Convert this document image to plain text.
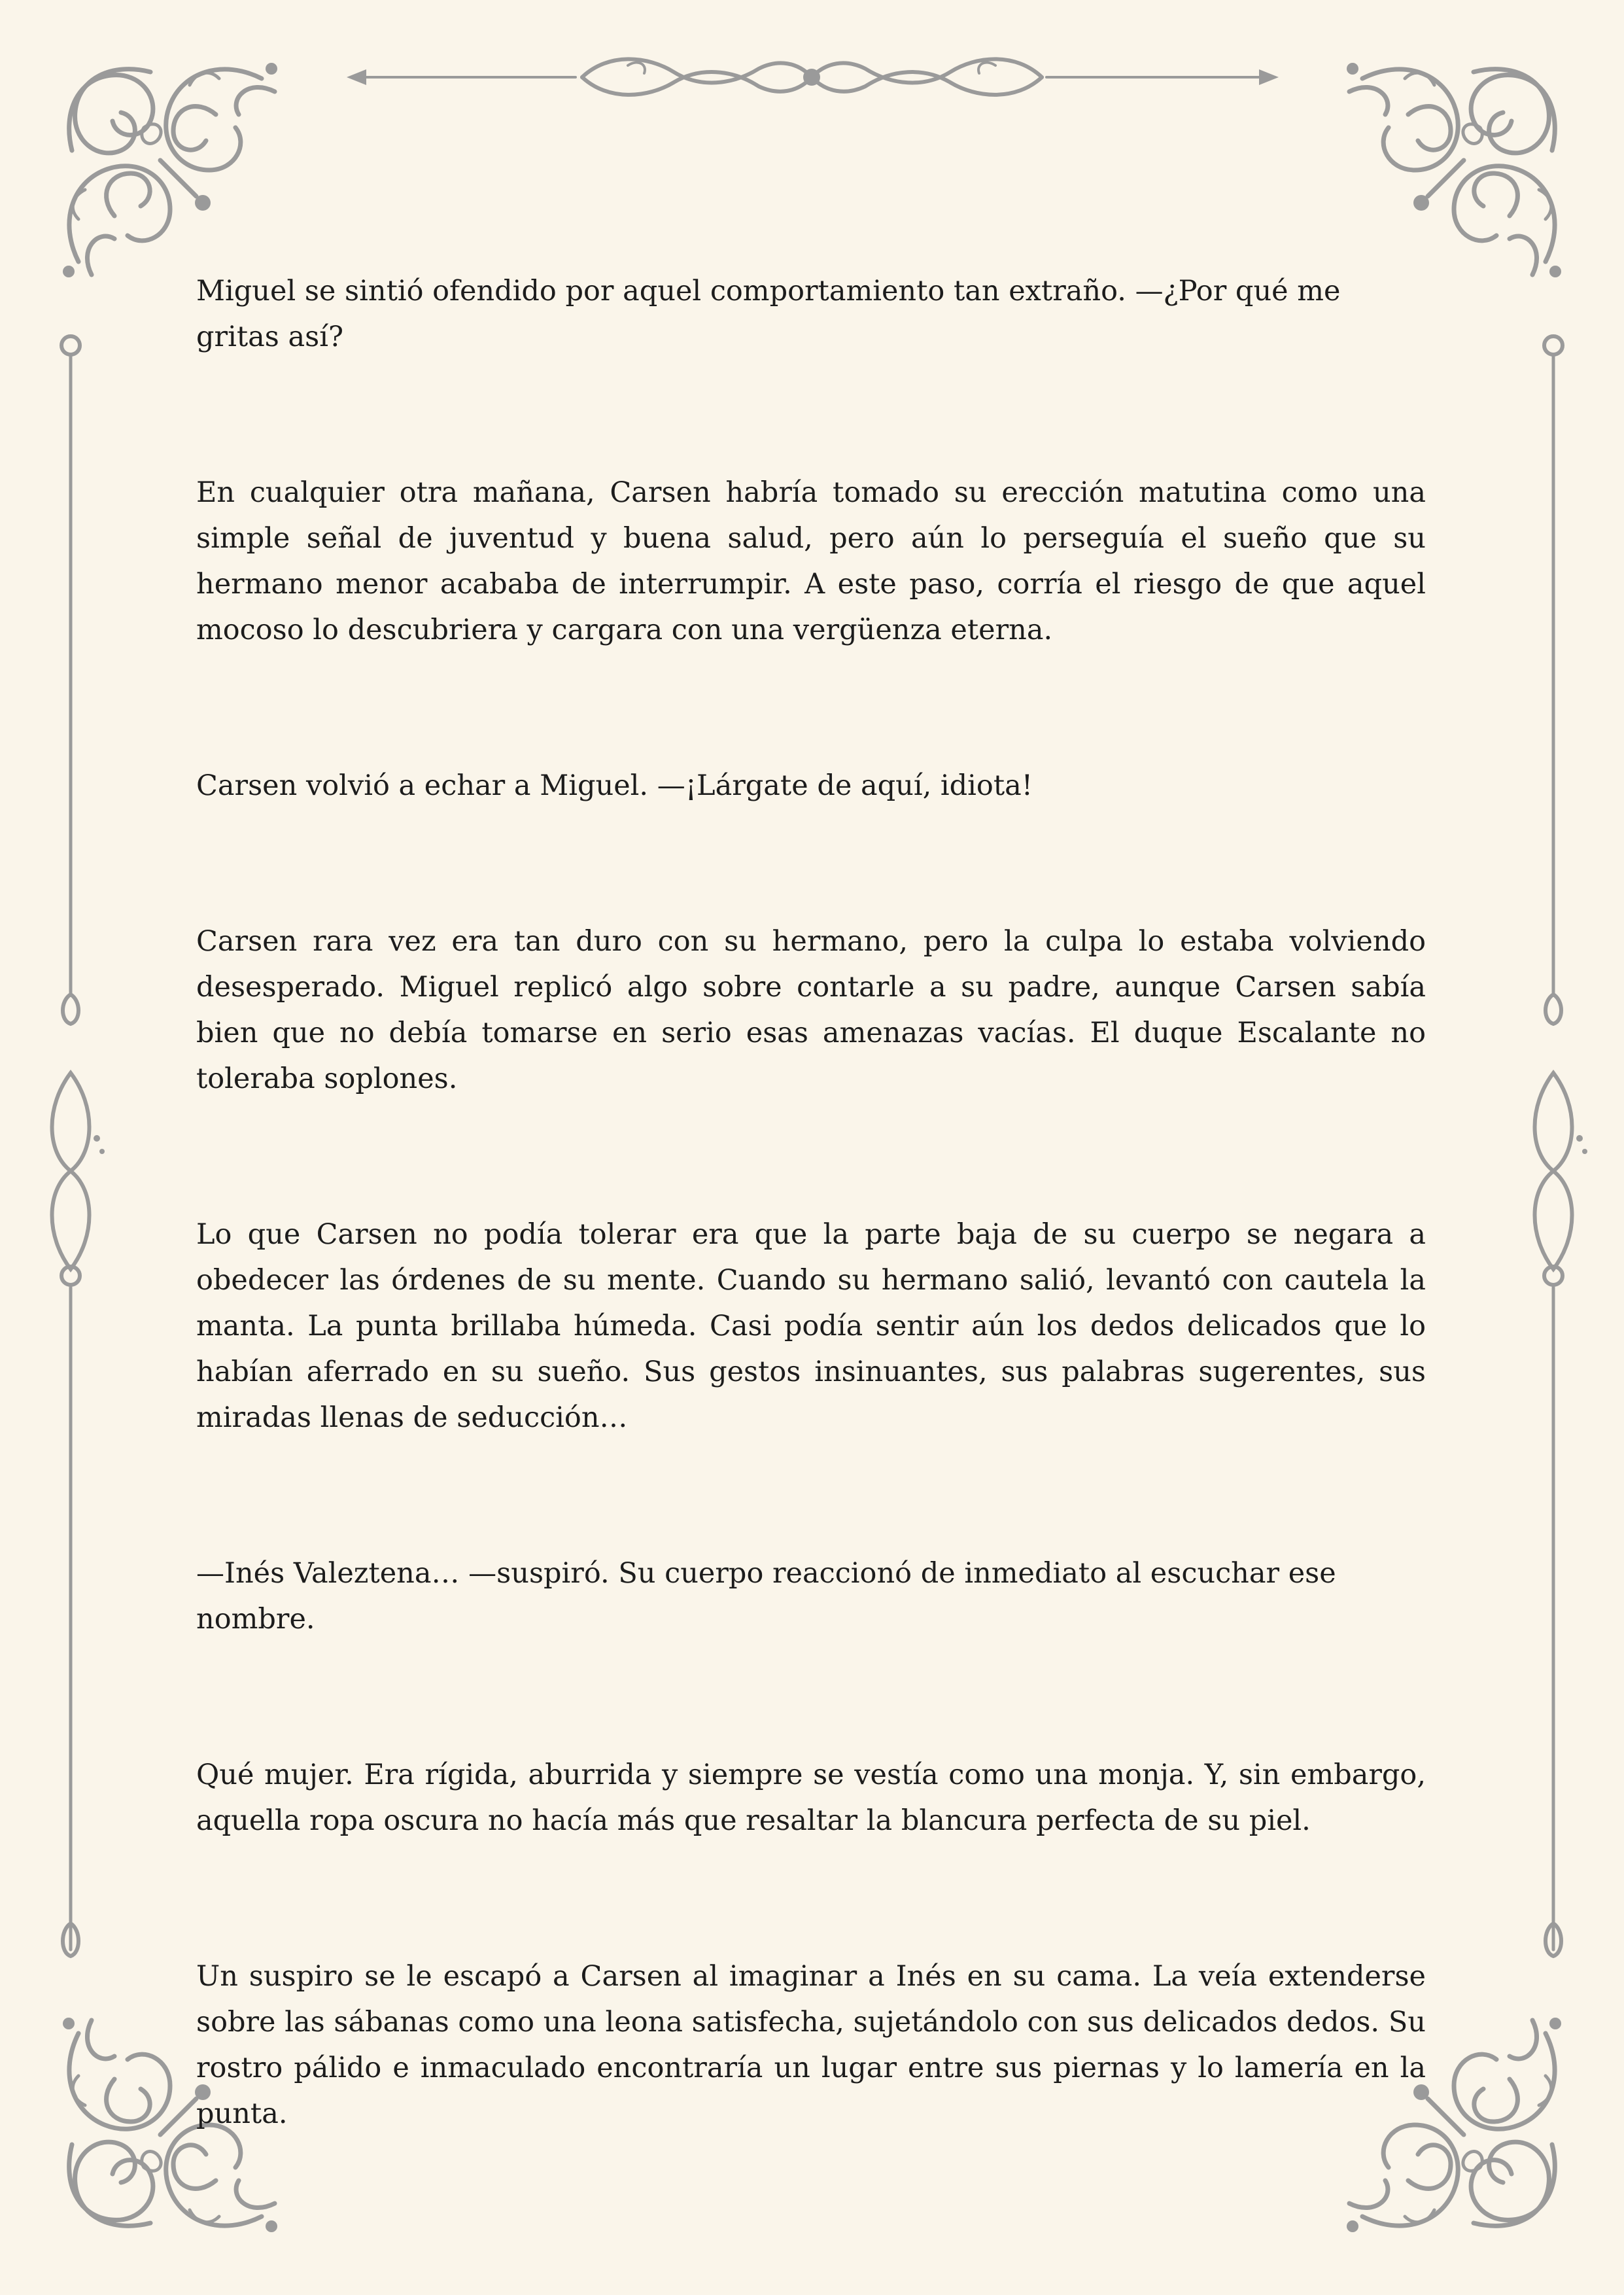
Miguel se sintió ofendido por aquel comportamiento tan extraño. —¿Por qué me gritas así?

En cualquier otra mañana, Carsen habría tomado su erección matutina como una simple señal de juventud y buena salud, pero aún lo perseguía el sueño que su hermano menor acababa de interrumpir. A este paso, corría el riesgo de que aquel mocoso lo descubriera y cargara con una vergüenza eterna.

Carsen volvió a echar a Miguel. —¡Lárgate de aquí, idiota!

Carsen rara vez era tan duro con su hermano, pero la culpa lo estaba volviendo desesperado. Miguel replicó algo sobre contarle a su padre, aunque Carsen sabía bien que no debía tomarse en serio esas amenazas vacías. El duque Escalante no toleraba soplones.

Lo que Carsen no podía tolerar era que la parte baja de su cuerpo se negara a obedecer las órdenes de su mente. Cuando su hermano salió, levantó con cautela la manta. La punta brillaba húmeda. Casi podía sentir aún los dedos delicados que lo habían aferrado en su sueño. Sus gestos insinuantes, sus palabras sugerentes, sus miradas llenas de seducción…

—Inés Valeztena… —suspiró. Su cuerpo reaccionó de inmediato al escuchar ese nombre.

Qué mujer. Era rígida, aburrida y siempre se vestía como una monja. Y, sin embargo, aquella ropa oscura no hacía más que resaltar la blancura perfecta de su piel.

Un suspiro se le escapó a Carsen al imaginar a Inés en su cama. La veía extenderse sobre las sábanas como una leona satisfecha, sujetándolo con sus delicados dedos. Su rostro pálido e inmaculado encontraría un lugar entre sus piernas y lo lamería en la punta.
